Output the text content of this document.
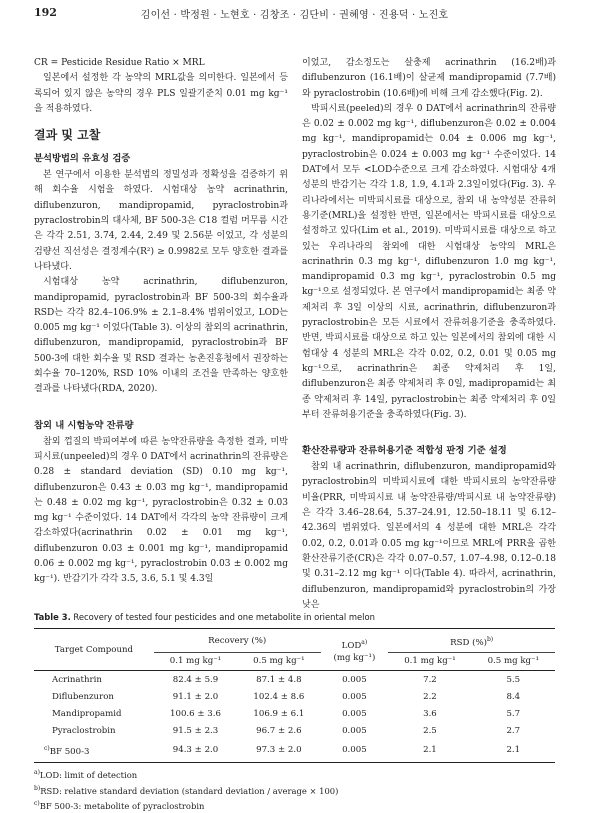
192	김이선 · 박정원 · 노현호 · 김창조 · 김단비 · 권혜영 · 진용덕 · 노진호

CR = Pesticide Residue Ratio × MRL

일본에서 설정한 각 농약의 MRL값을 의미한다. 일본에서 등록되어 있지 않은 농약의 경우 PLS 일괄기준치 0.01 mg kg⁻¹을 적용하였다.

결과 및 고찰
분석방법의 유효성 검증

본 연구에서 이용한 분석법의 정밀성과 정확성을 검증하기 위해 회수율 시험을 하였다. 시험대상 농약 acrinathrin, diflubenzuron, mandipropamid, pyraclostrobin과 pyraclostrobin의 대사체, BF 500-3은 C18 컬럼 머무름 시간은 각각 2.51, 3.74, 2.44, 2.49 및 2.56분 이었고, 각 성분의 검량선 직선성은 결정계수(R²) ≥ 0.9982로 모두 양호한 결과를 나타냈다.

시험대상 농약 acrinathrin, diflubenzuron, mandipropamid, pyraclostrobin과 BF 500-3의 회수율과 RSD는 각각 82.4–106.9% ± 2.1–8.4% 범위이었고, LOD는 0.005 mg kg⁻¹ 이었다(Table 3). 이상의 참외의 acrinathrin, diflubenzuron, mandipropamid, pyraclostrobin과 BF 500-3에 대한 회수율 및 RSD 결과는 농촌진흥청에서 권장하는 회수율 70–120%, RSD 10% 이내의 조건을 만족하는 양호한 결과를 나타냈다(RDA, 2020).

참외 내 시험농약 잔류량

참외 껍질의 박피여부에 따른 농약잔류량을 측정한 결과, 미박피시료(unpeeled)의 경우 0 DAT에서 acrinathrin의 잔류량은 0.28 ± standard deviation (SD) 0.10 mg kg⁻¹, diflubenzuron은 0.43 ± 0.03 mg kg⁻¹, mandipropamid는 0.48 ± 0.02 mg kg⁻¹, pyraclostrobin은 0.32 ± 0.03 mg kg⁻¹ 수준이었다. 14 DAT에서 각각의 농약 잔류량이 크게 감소하였다(acrinathrin 0.02 ± 0.01 mg kg⁻¹, diflubenzuron 0.03 ± 0.001 mg kg⁻¹, mandipropamid 0.06 ± 0.002 mg kg⁻¹, pyraclostrobin 0.03 ± 0.002 mg kg⁻¹). 반감기가 각각 3.5, 3.6, 5.1 및 4.3일

이었고, 감소정도는 살충제 acrinathrin (16.2배)과 diflubenzuron (16.1배)이 살균제 mandipropamid (7.7배)와 pyraclostrobin (10.6배)에 비해 크게 감소했다(Fig. 2).

박피시료(peeled)의 경우 0 DAT에서 acrinathrin의 잔류량은 0.02 ± 0.002 mg kg⁻¹, diflubenzuron은 0.02 ± 0.004 mg kg⁻¹, mandipropamid는 0.04 ± 0.006 mg kg⁻¹, pyraclostrobin은 0.024 ± 0.003 mg kg⁻¹ 수준이었다. 14 DAT에서 모두 <LOD수준으로 크게 감소하였다. 시험대상 4개 성분의 반감기는 각각 1.8, 1.9, 4.1과 2.3일이었다(Fig. 3). 우리나라에서는 미박피시료를 대상으로, 참외 내 농약성분 잔류허용기준(MRL)을 설정한 반면, 일본에서는 박피시료를 대상으로 설정하고 있다(Lim et al., 2019). 미박피시료를 대상으로 하고 있는 우리나라의 참외에 대한 시험대상 농약의 MRL은 acrinathrin 0.3 mg kg⁻¹, diflubenzuron 1.0 mg kg⁻¹, mandipropamid 0.3 mg kg⁻¹, pyraclostrobin 0.5 mg kg⁻¹으로 설정되었다. 본 연구에서 mandipropamid는 최종 약제처리 후 3일 이상의 시료, acrinathrin, diflubenzuron과 pyraclostrobin은 모든 시료에서 잔류허용기준을 충족하였다. 반면, 박피시료를 대상으로 하고 있는 일본에서의 참외에 대한 시험대상 4 성분의 MRL은 각각 0.02, 0.2, 0.01 및 0.05 mg kg⁻¹으로, acrinathrin은 최종 약제처리 후 1일, diflubenzuron은 최종 약제처리 후 0일, madipropamid는 최종 약제처리 후 14일, pyraclostrobin는 최종 약제처리 후 0일부터 잔류허용기준을 충족하였다(Fig. 3).

환산잔류량과 잔류허용기준 적합성 판정 기준 설정

참외 내 acrinathrin, diflubenzuron, mandipropamid와 pyraclostrobin의 미박피시료에 대한 박피시료의 농약잔류량 비율(PRR, 미박피시료 내 농약잔류량/박피시료 내 농약잔류량)은 각각 3.46–28.64, 5.37–24.91, 12.50–18.11 및 6.12–42.36의 범위였다. 일본에서의 4 성분에 대한 MRL은 각각 0.02, 0.2, 0.01과 0.05 mg kg⁻¹이므로 MRL에 PRR을 곱한 환산잔류기준(CR)은 각각 0.07–0.57, 1.07–4.98, 0.12–0.18 및 0.31–2.12 mg kg⁻¹ 이다(Table 4). 따라서, acrinathrin, diflubenzuron, mandipropamid와 pyraclostrobin의 가장 낮은

Table 3. Recovery of tested four pesticides and one metabolite in oriental melon
Target Compound	Recovery (%)		LOD$^{a)}$
(mg kg⁻¹)	RSD (%)$^{b)}$
	0.1 mg kg⁻¹	0.5 mg kg⁻¹		0.1 mg kg⁻¹	0.5 mg kg⁻¹
Acrinathrin	82.4 ± 5.9	87.1 ± 4.8	0.005	7.2	5.5
Diflubenzuron	91.1 ± 2.0	102.4 ± 8.6	0.005	2.2	8.4
Mandipropamid	100.6 ± 3.6	106.9 ± 6.1	0.005	3.6	5.7
Pyraclostrobin	91.5 ± 2.3	96.7 ± 2.6	0.005	2.5	2.7
$^{c)}$BF 500-3	94.3 ± 2.0	97.3 ± 2.0	0.005	2.1	2.1
$^{a)}$LOD: limit of detection
$^{b)}$RSD: relative standard deviation (standard deviation / average × 100)
$^{c)}$BF 500-3: metabolite of pyraclostrobin
